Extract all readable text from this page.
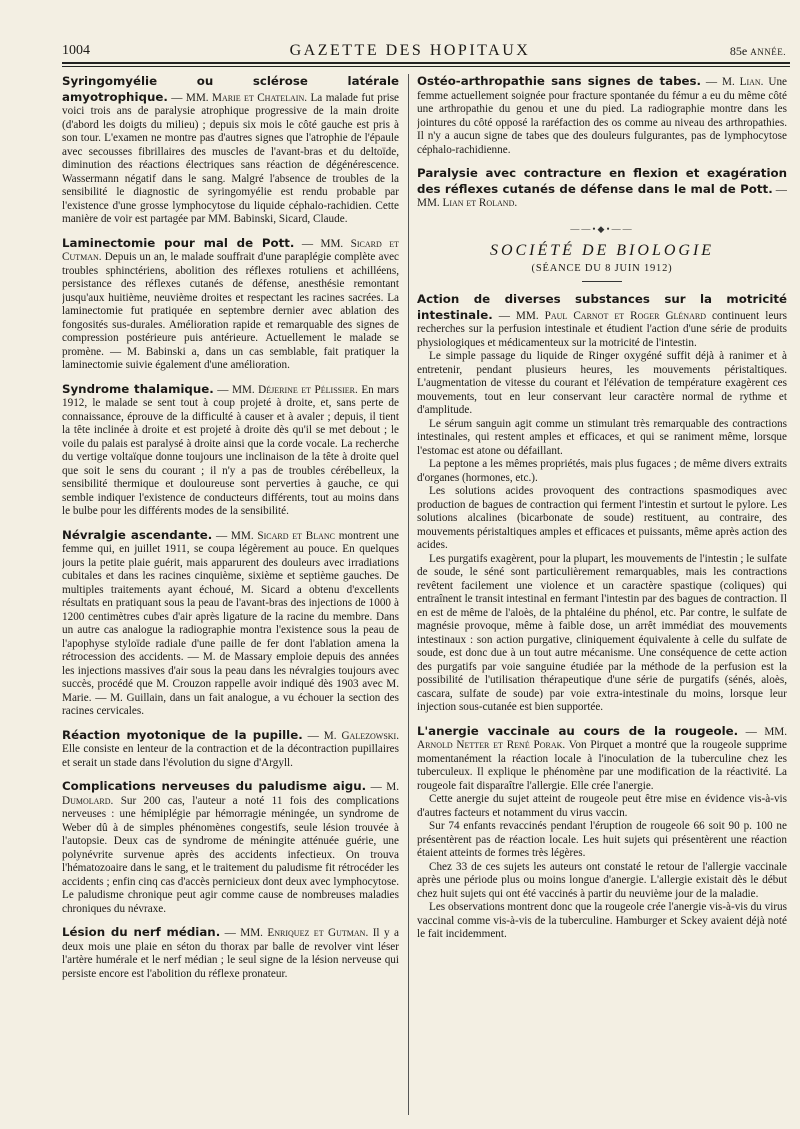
1004	GAZETTE DES HOPITAUX	85e ANNÉE.

Syringomyélie ou sclérose latérale amyotrophique. — MM. Marie et Chatelain. La malade fut prise voici trois ans de paralysie atrophique progressive de la main droite (d'abord les doigts du milieu) ; depuis six mois le côté gauche est pris à son tour. L'examen ne montre pas d'autres signes que l'atrophie de l'épaule avec secousses fibrillaires des muscles de l'avant-bras et du deltoïde, diminution des réactions électriques sans réaction de dégénérescence. Wassermann négatif dans le sang. Malgré l'absence de troubles de la sensibilité le diagnostic de syringomyélie est rendu probable par l'existence d'une grosse lymphocytose du liquide céphalo-rachidien. Cette manière de voir est partagée par MM. Babinski, Sicard, Claude.

Laminectomie pour mal de Pott. — MM. Sicard et Cutman. Depuis un an, le malade souffrait d'une paraplégie complète avec troubles sphinctériens, abolition des réflexes rotuliens et achilléens, persistance des réflexes cutanés de défense, anesthésie remontant jusqu'aux huitième, neuvième droites et respectant les racines sacrées. La laminectomie fut pratiquée en septembre dernier avec ablation des fongosités sus-durales. Amélioration rapide et remarquable des signes de compression postérieure puis antérieure. Actuellement le malade se promène. — M. Babinski a, dans un cas semblable, fait pratiquer la laminectomie suivie également d'une amélioration.

Syndrome thalamique. — MM. Déjerine et Pélissier. En mars 1912, le malade se sent tout à coup projeté à droite, et, sans perte de connaissance, éprouve de la difficulté à causer et à avaler ; depuis, il tient la tête inclinée à droite et est projeté à droite dès qu'il se met debout ; le voile du palais est paralysé à droite ainsi que la corde vocale. La recherche du vertige voltaïque donne toujours une inclinaison de la tête à droite quel que soit le sens du courant ; il n'y a pas de troubles cérébelleux, la sensibilité thermique et douloureuse sont perverties à gauche, ce qui semble indiquer l'existence de conducteurs différents, tout au moins dans le bulbe pour les différents modes de la sensibilité.

Névralgie ascendante. — MM. Sicard et Blanc montrent une femme qui, en juillet 1911, se coupa légèrement au pouce. En quelques jours la petite plaie guérit, mais apparurent des douleurs avec irradiations cubitales et dans les racines cinquième, sixième et septième gauches. De multiples traitements ayant échoué, M. Sicard a obtenu d'excellents résultats en pratiquant sous la peau de l'avant-bras des injections de 1000 à 1200 centimètres cubes d'air après ligature de la racine du membre. Dans un autre cas analogue la radiographie montra l'existence sous la peau de l'apophyse styloïde radiale d'une paille de fer dont l'ablation amena la rétrocession des accidents. — M. de Massary emploie depuis des années les injections massives d'air sous la peau dans les névralgies toujours avec succès, procédé que M. Crouzon rappelle avoir indiqué dès 1903 avec M. Marie. — M. Guillain, dans un fait analogue, a vu échouer la section des racines cervicales.

Réaction myotonique de la pupille. — M. Galezowski. Elle consiste en lenteur de la contraction et de la décontraction pupillaires et serait un stade dans l'évolution du signe d'Argyll.

Complications nerveuses du paludisme aigu. — M. Dumolard. Sur 200 cas, l'auteur a noté 11 fois des complications nerveuses : une hémiplégie par hémorragie méningée, un syndrome de Weber dû à de simples phénomènes congestifs, seule lésion trouvée à l'autopsie. Deux cas de syndrome de méningite atténuée guérie, une polynévrite survenue après des accidents infectieux. On trouva l'hématozoaire dans le sang, et le traitement du paludisme fit rétrocéder les accidents ; enfin cinq cas d'accès pernicieux dont deux avec lymphocytose. Le paludisme chronique peut agir comme cause de nombreuses maladies chroniques du névraxe.

Lésion du nerf médian. — MM. Enriquez et Gutman. Il y a deux mois une plaie en séton du thorax par balle de revolver vint léser l'artère humérale et le nerf médian ; le seul signe de la lésion nerveuse qui persiste encore est l'abolition du réflexe pronateur.

Ostéo-arthropathie sans signes de tabes. — M. Lian. Une femme actuellement soignée pour fracture spontanée du fémur a eu du même côté une arthropathie du genou et une du pied. La radiographie montre dans les jointures du côté opposé la raréfaction des os comme au niveau des arthropathies. Il n'y a aucun signe de tabes que des douleurs fulgurantes, pas de lymphocytose céphalo-rachidienne.

Paralysie avec contracture en flexion et exagération des réflexes cutanés de défense dans le mal de Pott. — MM. Lian et Roland.

——•◆•——
SOCIÉTÉ DE BIOLOGIE
(SÉANCE DU 8 JUIN 1912)

Action de diverses substances sur la motricité intestinale. — MM. Paul Carnot et Roger Glénard continuent leurs recherches sur la perfusion intestinale et étudient l'action d'une série de produits physiologiques et médicamenteux sur la motricité de l'intestin.

Le simple passage du liquide de Ringer oxygéné suffit déjà à ranimer et à entretenir, pendant plusieurs heures, les mouvements péristaltiques. L'augmentation de vitesse du courant et l'élévation de température exagèrent ces mouvements, tout en leur conservant leur caractère normal de rythme et d'amplitude.

Le sérum sanguin agit comme un stimulant très remarquable des contractions intestinales, qui restent amples et efficaces, et qui se raniment même, lorsque l'estomac est atone ou défaillant.

La peptone a les mêmes propriétés, mais plus fugaces ; de même divers extraits d'organes (hormones, etc.).

Les solutions acides provoquent des contractions spasmodiques avec production de bagues de contraction qui ferment l'intestin et surtout le pylore. Les solutions alcalines (bicarbonate de soude) restituent, au contraire, des mouvements péristaltiques amples et efficaces et puissants, même après action des acides.

Les purgatifs exagèrent, pour la plupart, les mouvements de l'intestin ; le sulfate de soude, le séné sont particulièrement remarquables, mais les contractions revêtent facilement une violence et un caractère spastique (coliques) qui entraînent le transit intestinal en fermant l'intestin par des bagues de contraction. Il en est de même de l'aloès, de la phtaléine du phénol, etc. Par contre, le sulfate de magnésie provoque, même à faible dose, un arrêt immédiat des mouvements intestinaux : son action purgative, cliniquement équivalente à celle du sulfate de soude, est donc due à un tout autre mécanisme. Une conséquence de cette action des purgatifs par voie sanguine étudiée par la méthode de la perfusion est la possibilité de l'utilisation thérapeutique d'une série de purgatifs (sénés, aloès, cascara, sulfate de soude) par voie extra-intestinale du moins, lorsque leur injection sous-cutanée est bien supportée.

L'anergie vaccinale au cours de la rougeole. — MM. Arnold Netter et René Porak. Von Pirquet a montré que la rougeole supprime momentanément la réaction locale à l'inoculation de la tuberculine chez les tuberculeux. Il explique le phénomène par une modification de la réactivité. La rougeole fait disparaître l'allergie. Elle crée l'anergie.

Cette anergie du sujet atteint de rougeole peut être mise en évidence vis-à-vis d'autres facteurs et notamment du virus vaccin.

Sur 74 enfants revaccinés pendant l'éruption de rougeole 66 soit 90 p. 100 ne présentèrent pas de réaction locale. Les huit sujets qui présentèrent une réaction étaient atteints de formes très légères.

Chez 33 de ces sujets les auteurs ont constaté le retour de l'allergie vaccinale après une période plus ou moins longue d'anergie. L'allergie existait dès le début chez huit sujets qui ont été vaccinés à partir du neuvième jour de la maladie.

Les observations montrent donc que la rougeole crée l'anergie vis-à-vis du virus vaccinal comme vis-à-vis de la tuberculine. Hamburger et Sckey avaient déjà noté le fait incidemment.
